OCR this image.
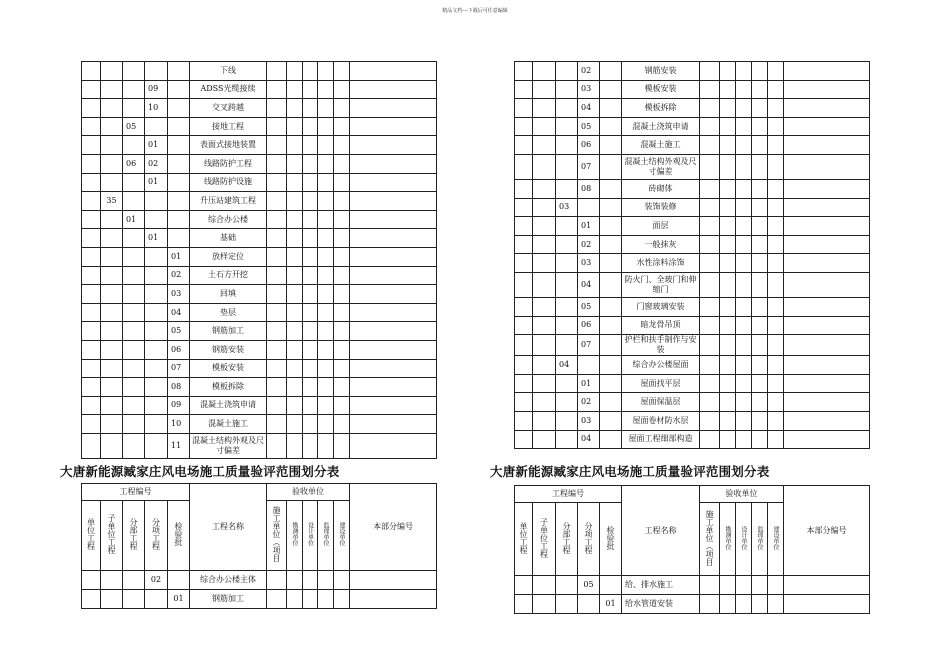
精品文档---下载后可任意编辑
					下线						
			09		ADSS光缆接续						
			10		交叉跨越						
		05			接地工程						
			01		表面式接地装置						
		06	02		线路防护工程						
			01		线路防护设施						
	35				升压站建筑工程						
		01			综合办公楼						
			01		基础						
				01	放样定位						
				02	土石方开挖						
				03	回填						
				04	垫层						
				05	钢筋加工						
				06	钢筋安装						
				07	模板安装						
				08	模板拆除						
				09	混凝土浇筑申请						
				10	混凝土施工						
				11	混凝土结构外观及尺寸偏差						
			02		钢筋安装						
			03		模板安装						
			04		模板拆除						
			05		混凝土浇筑申请						
			06		混凝土施工						
			07		混凝土结构外观及尺寸偏差						
			08		砖砌体						
		03			装饰装修						
			01		面层						
			02		一般抹灰						
			03		水性涂料涂饰						
			04		防火门、全玻门和伸缩门						
			05		门窗玻璃安装						
			06		暗龙骨吊顶						
			07		护栏和扶手制作与安装						
		04			综合办公楼屋面						
			01		屋面找平层						
			02		屋面保温层						
			03		屋面卷材防水层						
			04		屋面工程细部构造						
大唐新能源臧家庄风电场施工质量验评范围划分表	大唐新能源臧家庄风电场施工质量验评范围划分表
工程编号					工程名称	验收单位					本部分编号
单位工程	子单位工程	分部工程	分项工程	检验批		施工单位（项目	勘测单位	设计单位	监理单位	建设单位	
			02		综合办公楼主体						
				01	钢筋加工						
工程编号					工程名称	验收单位					本部分编号
单位工程	子单位工程	分部工程	分项工程	检验批		施工单位（项目	勘测单位	设计单位	监理单位	建设单位	
			05		给、排水施工						
				01	给水管道安装						
